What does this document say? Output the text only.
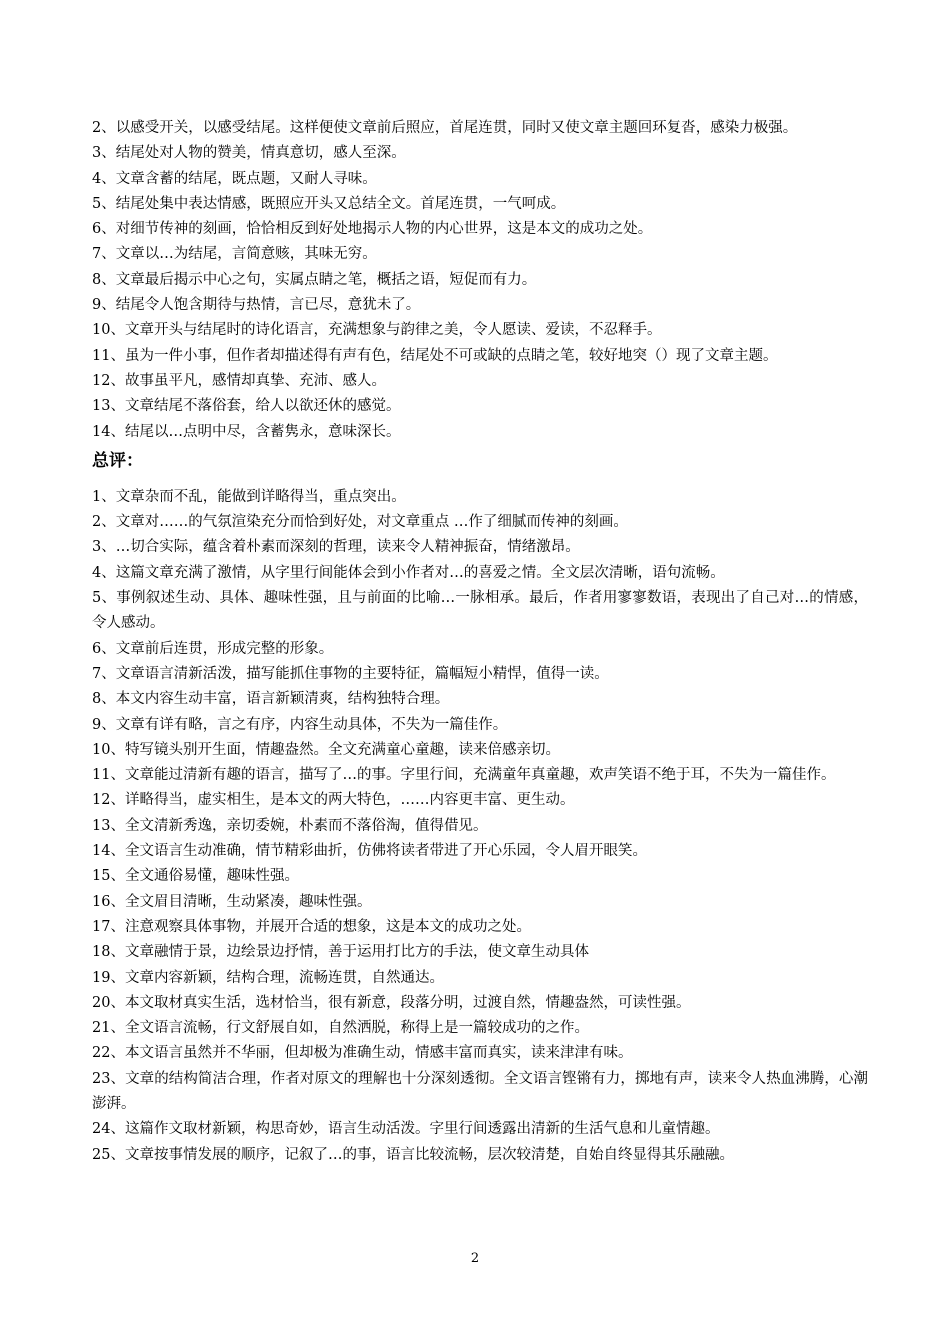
2、以感受开关，以感受结尾。这样便使文章前后照应，首尾连贯，同时又使文章主题回环复沓，感染力极强。

3、结尾处对人物的赞美，情真意切，感人至深。

4、文章含蓄的结尾，既点题，又耐人寻味。

5、结尾处集中表达情感，既照应开头又总结全文。首尾连贯，一气呵成。

6、对细节传神的刻画，恰恰相反到好处地揭示人物的内心世界，这是本文的成功之处。

7、文章以…为结尾，言简意赅，其味无穷。

8、文章最后揭示中心之句，实属点睛之笔，概括之语，短促而有力。

9、结尾令人饱含期待与热情，言已尽，意犹未了。

10、文章开头与结尾时的诗化语言，充满想象与韵律之美，令人愿读、爱读，不忍释手。

11、虽为一件小事，但作者却描述得有声有色，结尾处不可或缺的点睛之笔，较好地突（）现了文章主题。

12、故事虽平凡，感情却真挚、充沛、感人。

13、文章结尾不落俗套，给人以欲还休的感觉。

14、结尾以…点明中尽，含蓄隽永，意味深长。

总评：

1、文章杂而不乱，能做到详略得当，重点突出。

2、文章对……的气氛渲染充分而恰到好处，对文章重点 …作了细腻而传神的刻画。

3、…切合实际，蕴含着朴素而深刻的哲理，读来令人精神振奋，情绪激昂。

4、这篇文章充满了激情，从字里行间能体会到小作者对…的喜爱之情。全文层次清晰，语句流畅。

5、事例叙述生动、具体、趣味性强，且与前面的比喻…一脉相承。最后，作者用寥寥数语，表现出了自己对…的情感，令人感动。

6、文章前后连贯，形成完整的形象。

7、文章语言清新活泼，描写能抓住事物的主要特征，篇幅短小精悍，值得一读。

8、本文内容生动丰富，语言新颖清爽，结构独特合理。

9、文章有详有略，言之有序，内容生动具体，不失为一篇佳作。

10、特写镜头别开生面，情趣盎然。全文充满童心童趣，读来倍感亲切。

11、文章能过清新有趣的语言，描写了…的事。字里行间，充满童年真童趣，欢声笑语不绝于耳，不失为一篇佳作。

12、详略得当，虚实相生，是本文的两大特色，……内容更丰富、更生动。

13、全文清新秀逸，亲切委婉，朴素而不落俗淘，值得借见。

14、全文语言生动准确，情节精彩曲折，仿佛将读者带进了开心乐园，令人眉开眼笑。

15、全文通俗易懂，趣味性强。

16、全文眉目清晰，生动紧凑，趣味性强。

17、注意观察具体事物，并展开合适的想象，这是本文的成功之处。

18、文章融情于景，边绘景边抒情，善于运用打比方的手法，使文章生动具体

19、文章内容新颖，结构合理，流畅连贯，自然通达。

20、本文取材真实生活，选材恰当，很有新意，段落分明，过渡自然，情趣盎然，可读性强。

21、全文语言流畅，行文舒展自如，自然洒脱，称得上是一篇较成功的之作。

22、本文语言虽然并不华丽，但却极为准确生动，情感丰富而真实，读来津津有味。

23、文章的结构简洁合理，作者对原文的理解也十分深刻透彻。全文语言铿锵有力，掷地有声，读来令人热血沸腾，心潮澎湃。

24、这篇作文取材新颖，构思奇妙，语言生动活泼。字里行间透露出清新的生活气息和儿童情趣。

25、文章按事情发展的顺序，记叙了…的事，语言比较流畅，层次较清楚，自始自终显得其乐融融。

2
